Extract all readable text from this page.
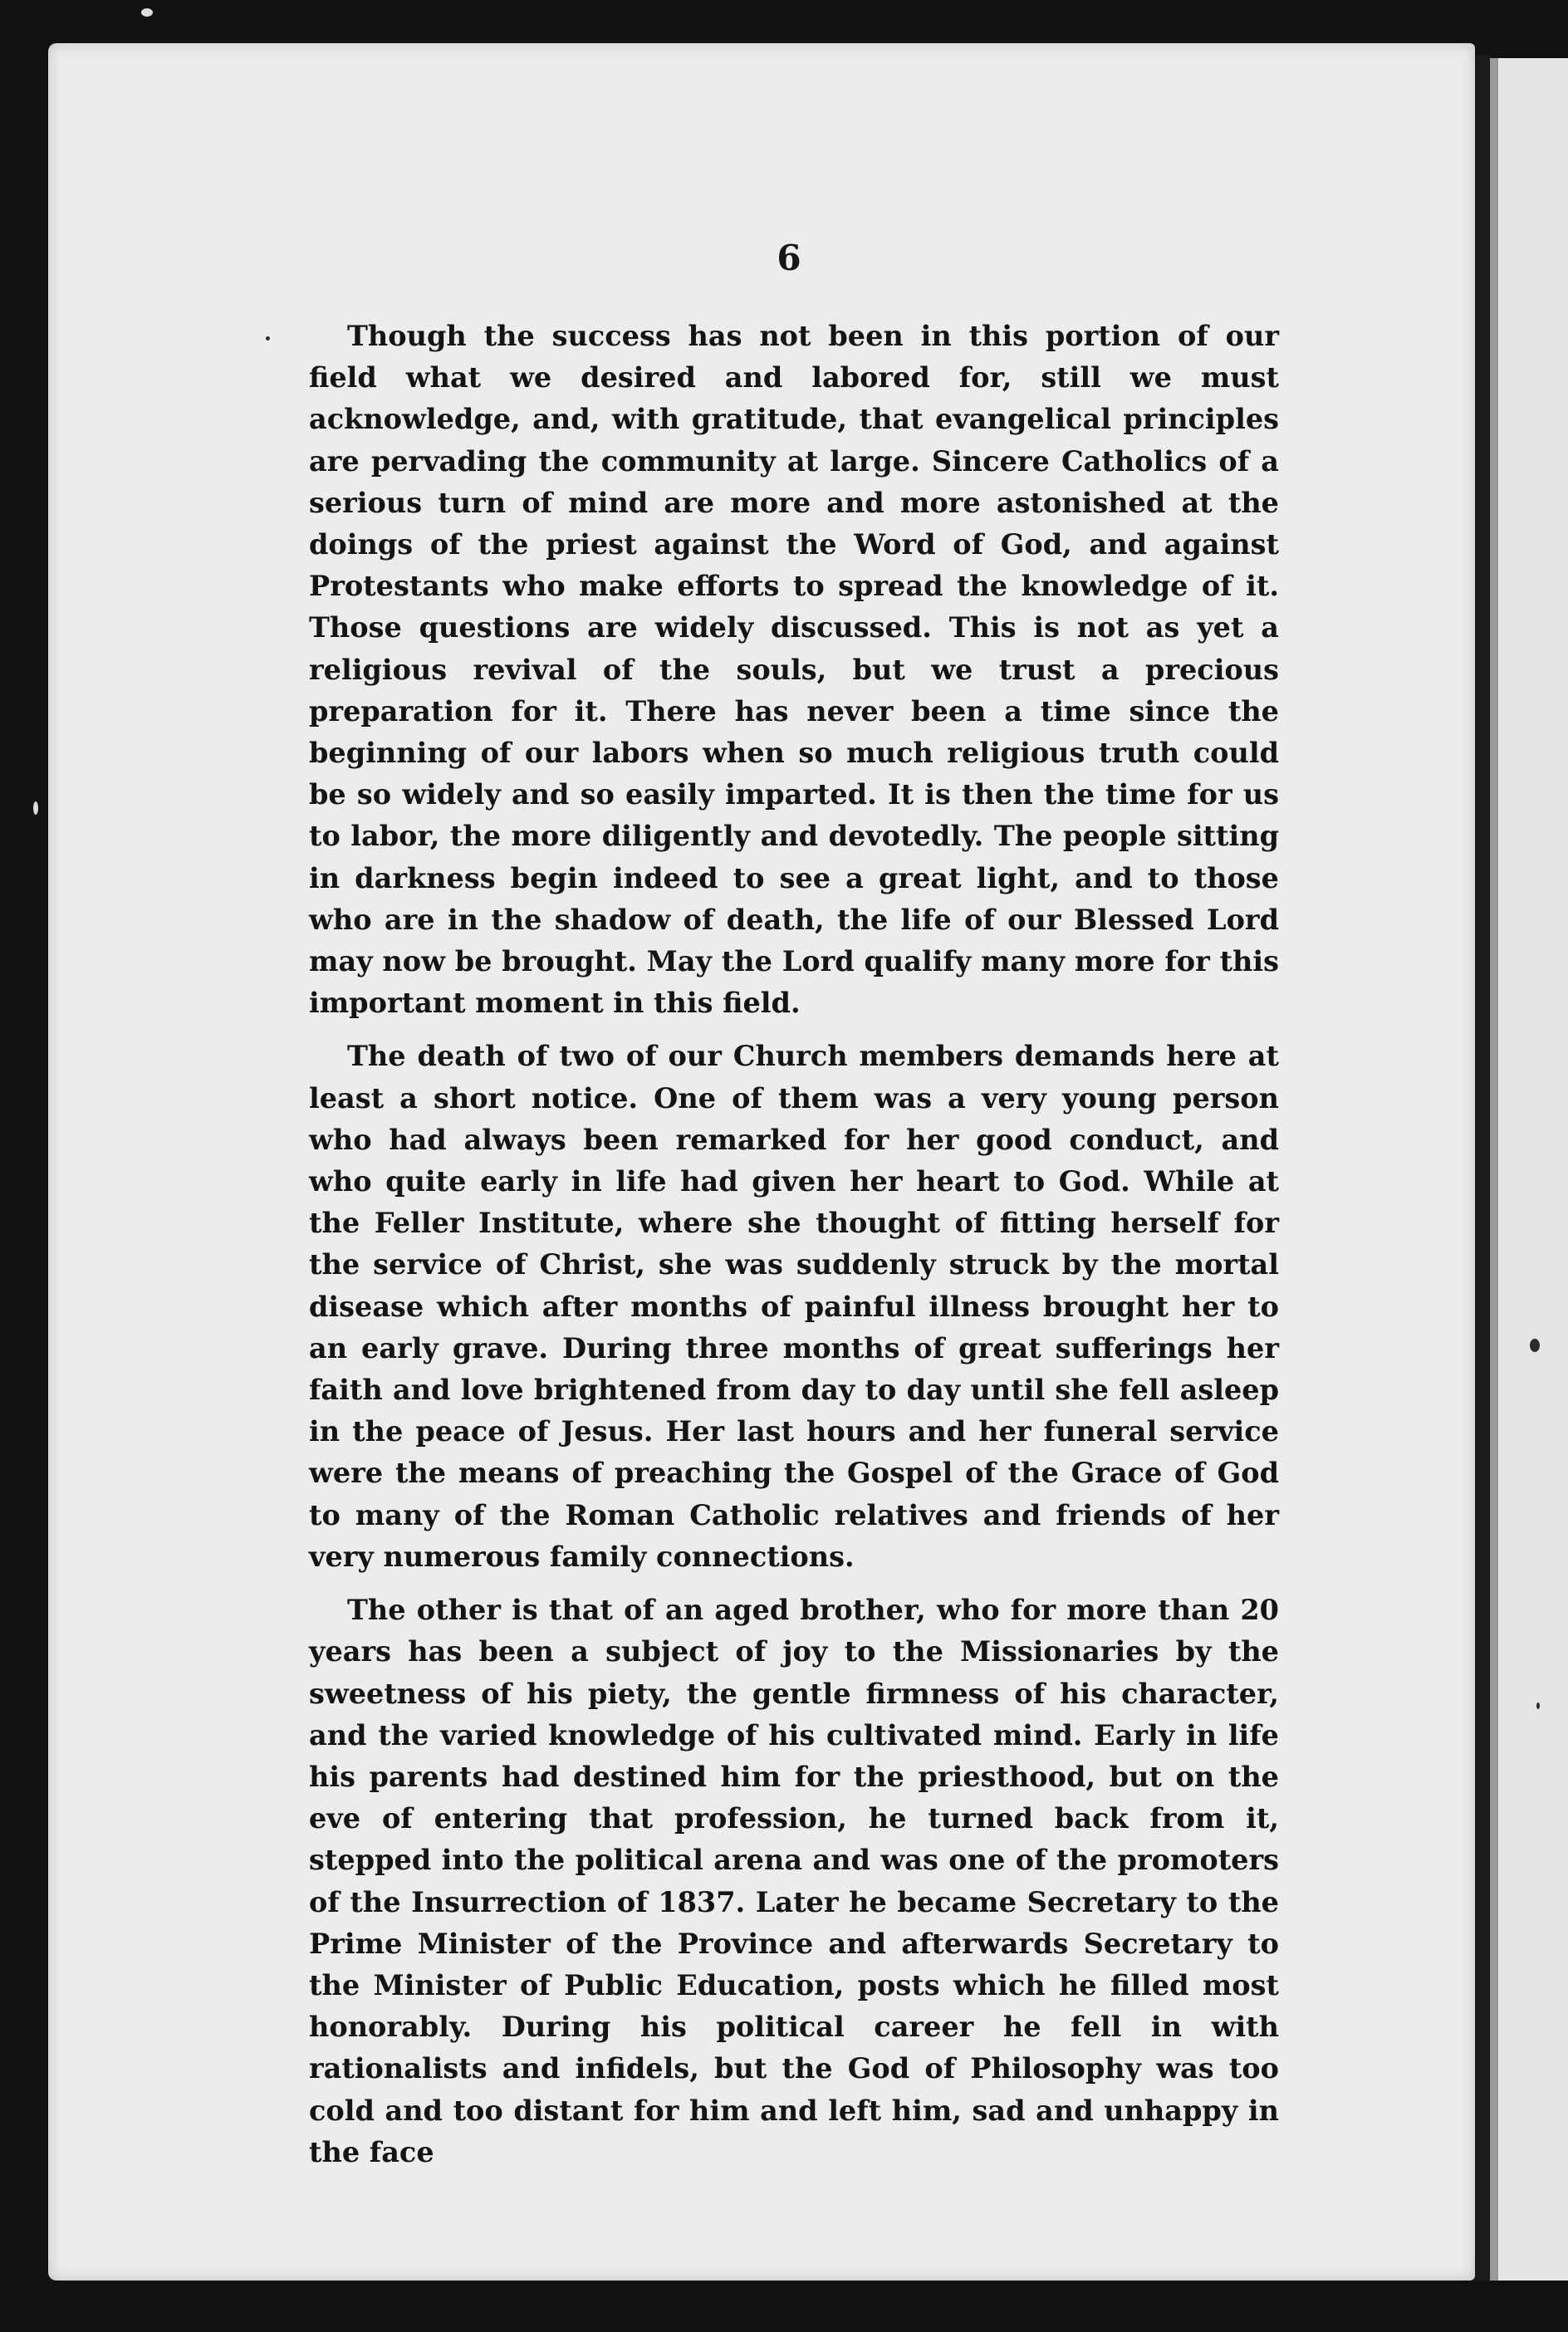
6

Though the success has not been in this portion of our field what we desired and labored for, still we must acknowledge, and, with gratitude, that evangelical principles are pervading the community at large. Sincere Catholics of a serious turn of mind are more and more astonished at the doings of the priest against the Word of God, and against Protestants who make efforts to spread the knowledge of it. Those questions are widely discussed. This is not as yet a religious revival of the souls, but we trust a precious preparation for it. There has never been a time since the beginning of our labors when so much religious truth could be so widely and so easily imparted. It is then the time for us to labor, the more diligently and devotedly. The people sitting in darkness begin indeed to see a great light, and to those who are in the shadow of death, the life of our Blessed Lord may now be brought. May the Lord qualify many more for this important moment in this field.

The death of two of our Church members demands here at least a short notice. One of them was a very young person who had always been remarked for her good conduct, and who quite early in life had given her heart to God. While at the Feller Institute, where she thought of fitting herself for the service of Christ, she was suddenly struck by the mortal disease which after months of painful illness brought her to an early grave. During three months of great sufferings her faith and love brightened from day to day until she fell asleep in the peace of Jesus. Her last hours and her funeral service were the means of preaching the Gospel of the Grace of God to many of the Roman Catholic relatives and friends of her very numerous family connections.

The other is that of an aged brother, who for more than 20 years has been a subject of joy to the Missionaries by the sweetness of his piety, the gentle firmness of his character, and the varied knowledge of his cultivated mind. Early in life his parents had destined him for the priesthood, but on the eve of entering that profession, he turned back from it, stepped into the political arena and was one of the promoters of the Insurrection of 1837. Later he became Secretary to the Prime Minister of the Province and afterwards Secretary to the Minister of Public Education, posts which he filled most honorably. During his political career he fell in with rationalists and infidels, but the God of Philosophy was too cold and too distant for him and left him, sad and unhappy in the face
